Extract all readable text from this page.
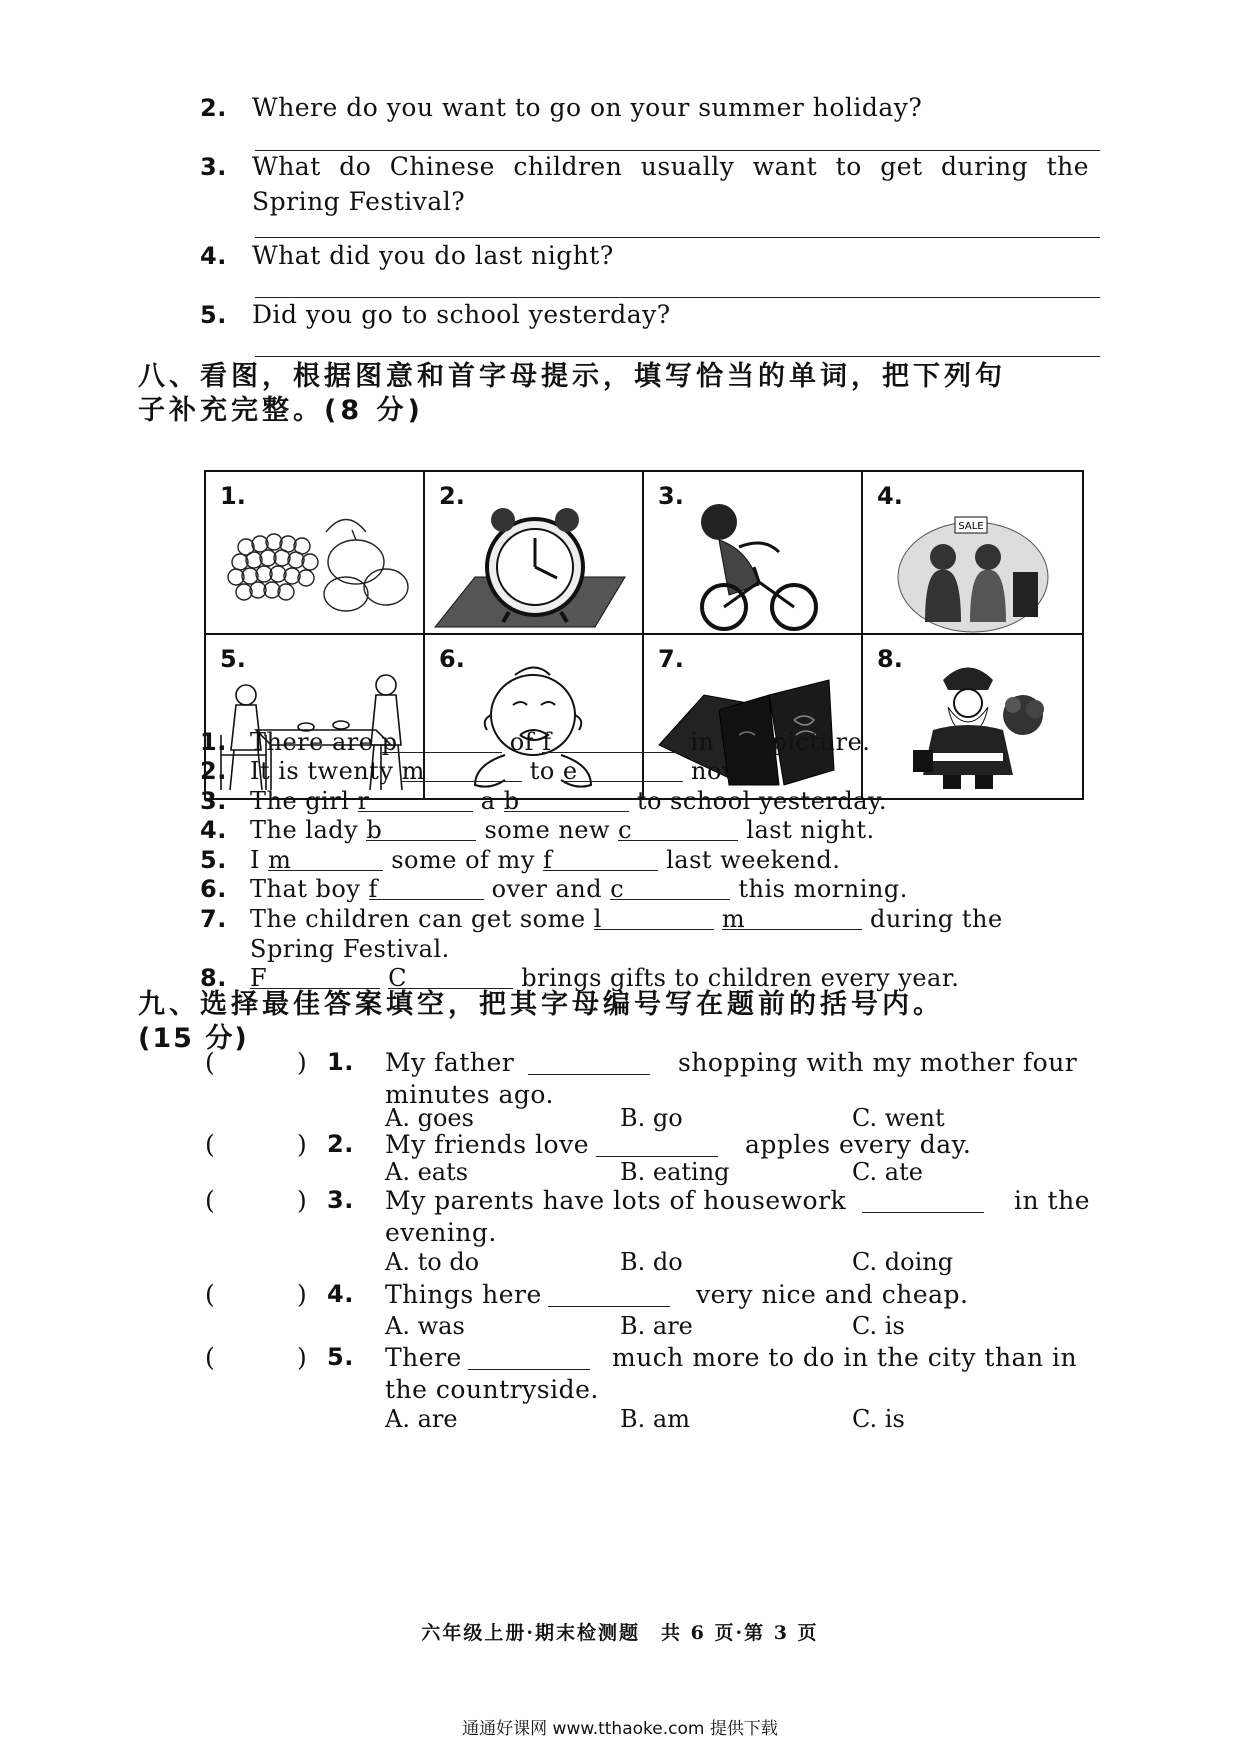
2. Where do you want to go on your summer holiday?
3. What do Chinese children usually want to get during the
Spring Festival?
4. What did you do last night?
5. Did you go to school yesterday?
八、看图，根据图意和首字母提示，填写恰当的单词，把下列句
子补充完整。(8 分)
1.	2.	3.	4.
SALE
5.	6.	7.	8.
1. There are p	of f	in the picture.
2. It is twenty m	to e	now.
3. The girl r	a b	to school yesterday.
4. The lady b	some new c	last night.
5. I m	some of my f	last weekend.
6. That boy f	over and c	this morning.
7. The children can get some l	m	during the
Spring Festival.
8. F	C	brings gifts to children every year.
九、选择最佳答案填空，把其字母编号写在题前的括号内。
(15 分)
(	) 1. My father	shopping with my mother four
minutes ago.
A. goes	B. go	C. went
(	) 2. My friends love	apples every day.
A. eats	B. eating	C. ate
(	) 3. My parents have lots of housework	in the
evening.
A. to do	B. do	C. doing
(	) 4. Things here	very nice and cheap.
A. was	B. are	C. is
(	) 5. There	much more to do in the city than in
the countryside.
A. are	B. am	C. is
六年级上册·期末检测题　共 6 页·第 3 页
通通好课网 www.tthaoke.com 提供下载
